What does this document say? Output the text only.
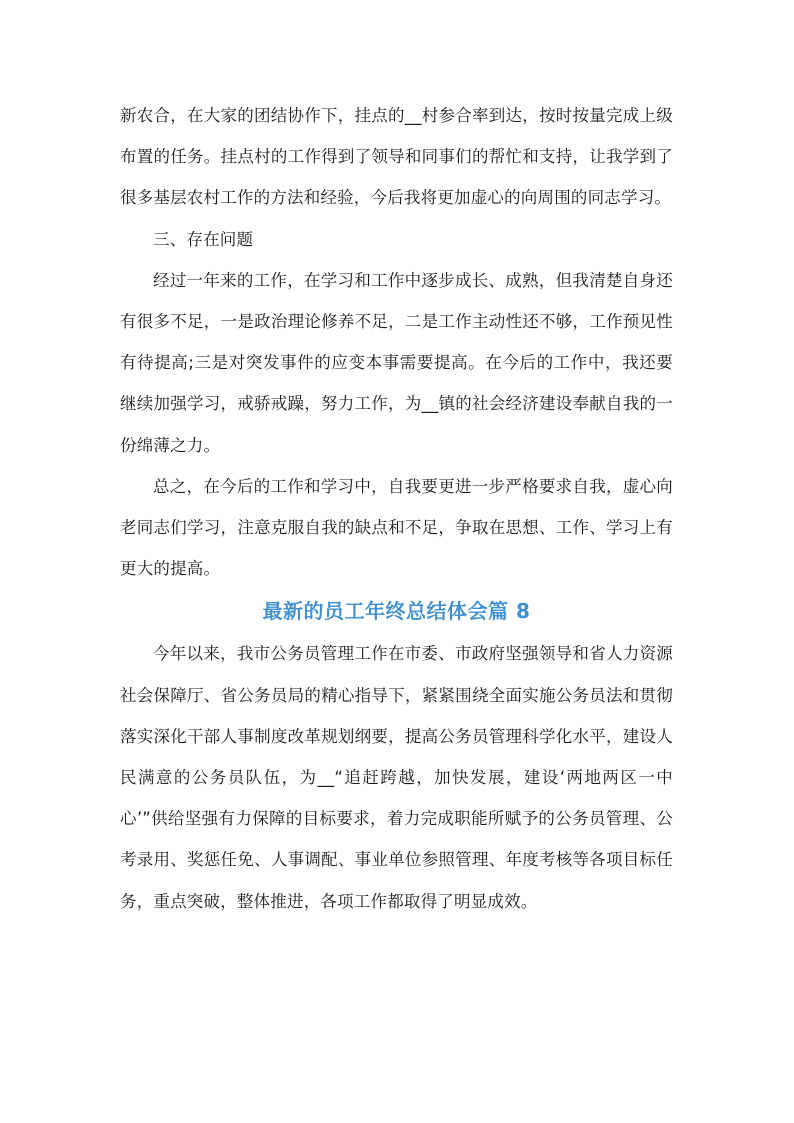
新农合，在大家的团结协作下，挂点的__村参合率到达，按时按量完成上级布置的任务。挂点村的工作得到了领导和同事们的帮忙和支持，让我学到了很多基层农村工作的方法和经验，今后我将更加虚心的向周围的同志学习。

三、存在问题

经过一年来的工作，在学习和工作中逐步成长、成熟，但我清楚自身还有很多不足，一是政治理论修养不足，二是工作主动性还不够，工作预见性有待提高;三是对突发事件的应变本事需要提高。在今后的工作中，我还要继续加强学习，戒骄戒躁，努力工作，为__镇的社会经济建设奉献自我的一份绵薄之力。

总之，在今后的工作和学习中，自我要更进一步严格要求自我，虚心向老同志们学习，注意克服自我的缺点和不足，争取在思想、工作、学习上有更大的提高。

最新的员工年终总结体会篇 8

今年以来，我市公务员管理工作在市委、市政府坚强领导和省人力资源社会保障厅、省公务员局的精心指导下，紧紧围绕全面实施公务员法和贯彻落实深化干部人事制度改革规划纲要，提高公务员管理科学化水平，建设人民满意的公务员队伍，为__“追赶跨越，加快发展，建设‘两地两区一中心’”供给坚强有力保障的目标要求，着力完成职能所赋予的公务员管理、公考录用、奖惩任免、人事调配、事业单位参照管理、年度考核等各项目标任务，重点突破，整体推进，各项工作都取得了明显成效。
